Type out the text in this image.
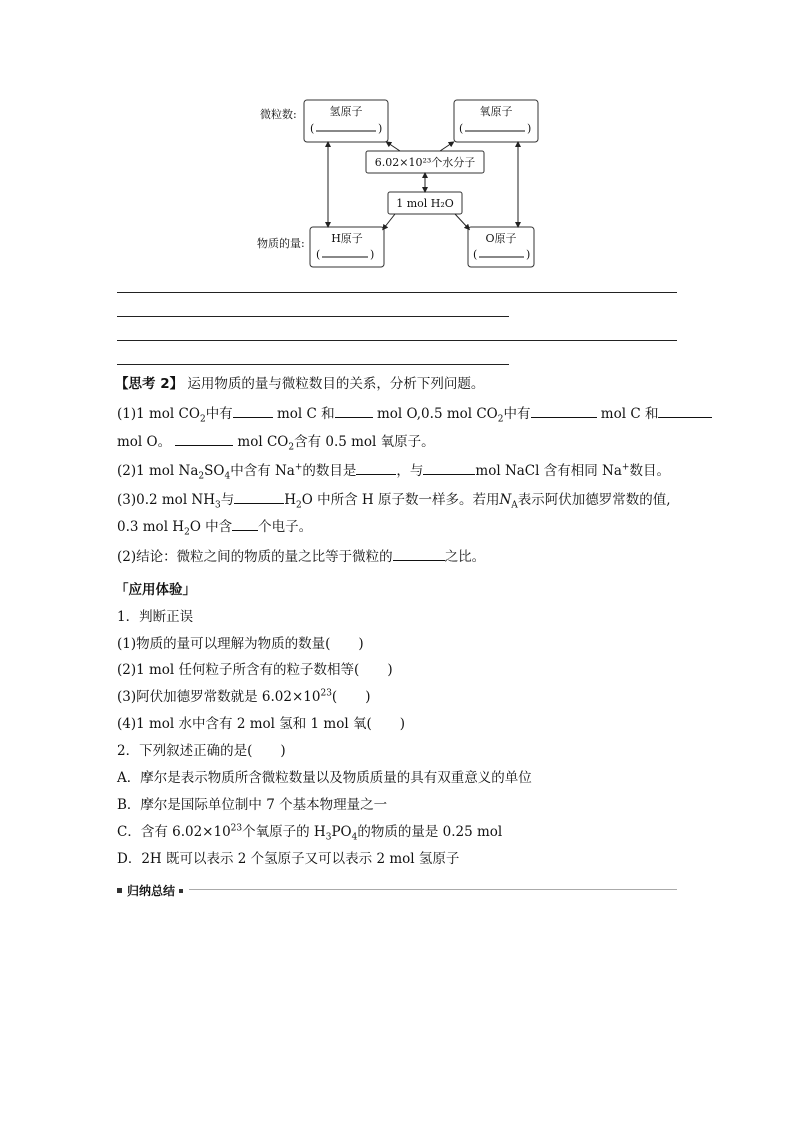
微粒数:
物质的量:
氢原子
(	)
氧原子
(	)
6.02×10²³个水分子
1 mol H₂O
H原子
(	)
O原子
(	)
【思考 2】 运用物质的量与微粒数目的关系，分析下列问题。
(1)1 mol $CO_2$中有	mol C 和	mol O,0.5 mol $CO_2$中有	mol C 和
mol O。	mol $CO_2$含有 0.5 mol 氧原子。
(2)1 mol $Na_2SO_4$中含有 Na+的数目是	，与	mol NaCl 含有相同 Na+数目。
(3)0.2 mol $NH_3$与	$H_2O$ 中所含 H 原子数一样多。若用$N_A$表示阿伏加德罗常数的值,
0.3 mol $H_2O$ 中含 个电子。
(2)结论：微粒之间的物质的量之比等于微粒的	之比。
「应用体验」
1．判断正误
(1)物质的量可以理解为物质的数量( )
(2)1 mol 任何粒子所含有的粒子数相等( )
(3)阿伏加德罗常数就是 $6.02\times 10^{23}$( )
(4)1 mol 水中含有 2 mol 氢和 1 mol 氧( )
2．下列叙述正确的是( )
A．摩尔是表示物质所含微粒数量以及物质质量的具有双重意义的单位
B．摩尔是国际单位制中 7 个基本物理量之一
C．含有 $6.02\times 10^{23}$个氧原子的 $H_3PO_4$的物质的量是 0.25 mol
D．2H 既可以表示 2 个氢原子又可以表示 2 mol 氢原子
归纳总结
